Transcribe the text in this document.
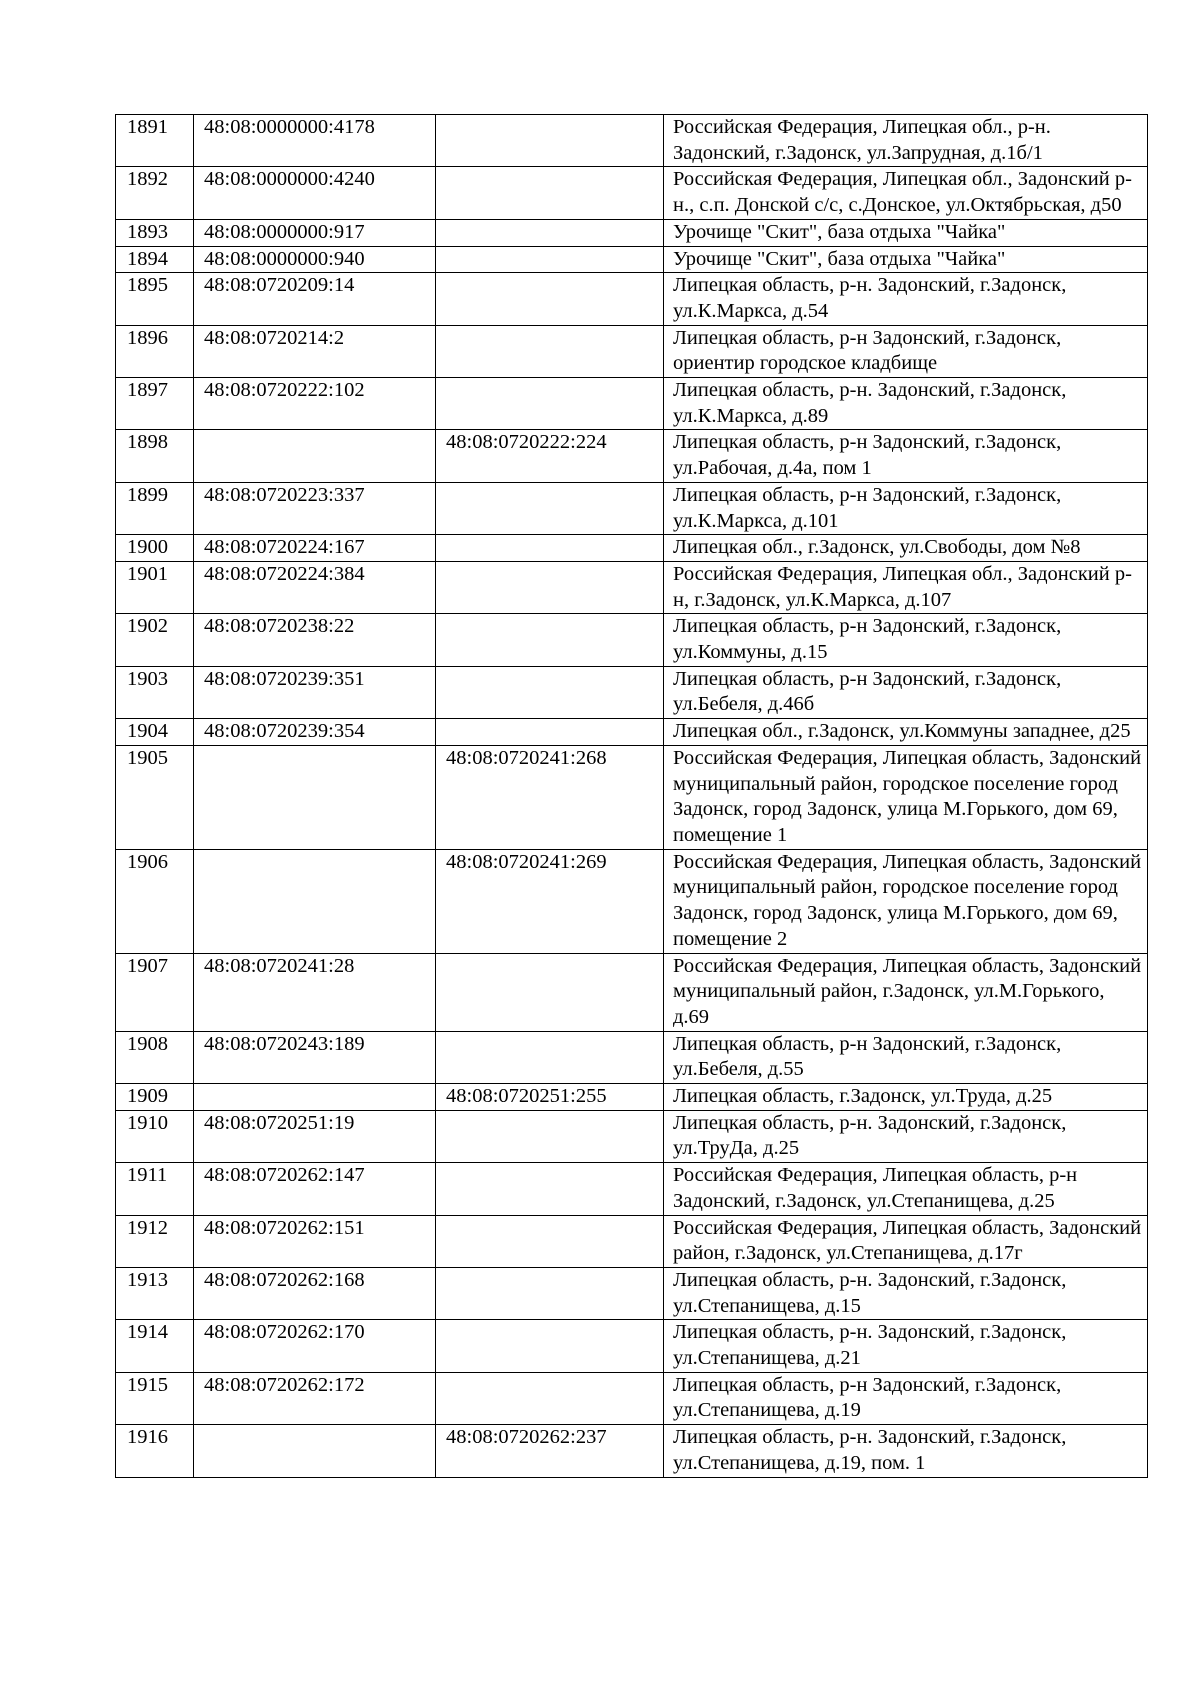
1891	48:08:0000000:4178		Российская Федерация, Липецкая обл., р-н. Задонский, г.Задонск, ул.Запрудная, д.1б/1
1892	48:08:0000000:4240		Российская Федерация, Липецкая обл., Задонский р-н., с.п. Донской с/с, с.Донское, ул.Октябрьская, д50
1893	48:08:0000000:917		Урочище "Скит", база отдыха "Чайка"
1894	48:08:0000000:940		Урочище "Скит", база отдыха "Чайка"
1895	48:08:0720209:14		Липецкая область, р-н. Задонский, г.Задонск, ул.К.Маркса, д.54
1896	48:08:0720214:2		Липецкая область, р-н Задонский, г.Задонск, ориентир городское кладбище
1897	48:08:0720222:102		Липецкая область, р-н. Задонский, г.Задонск, ул.К.Маркса, д.89
1898		48:08:0720222:224	Липецкая область, р-н Задонский, г.Задонск, ул.Рабочая, д.4а, пом 1
1899	48:08:0720223:337		Липецкая область, р-н Задонский, г.Задонск, ул.К.Маркса, д.101
1900	48:08:0720224:167		Липецкая обл., г.Задонск, ул.Свободы, дом №8
1901	48:08:0720224:384		Российская Федерация, Липецкая обл., Задонский р-н, г.Задонск, ул.К.Маркса, д.107
1902	48:08:0720238:22		Липецкая область, р-н Задонский, г.Задонск, ул.Коммуны, д.15
1903	48:08:0720239:351		Липецкая область, р-н Задонский, г.Задонск, ул.Бебеля, д.46б
1904	48:08:0720239:354		Липецкая обл., г.Задонск, ул.Коммуны западнее, д25
1905		48:08:0720241:268	Российская Федерация, Липецкая область, Задонский муниципальный район, городское поселение город Задонск, город Задонск, улица М.Горького, дом 69, помещение 1
1906		48:08:0720241:269	Российская Федерация, Липецкая область, Задонский муниципальный район, городское поселение город Задонск, город Задонск, улица М.Горького, дом 69, помещение 2
1907	48:08:0720241:28		Российская Федерация, Липецкая область, Задонский муниципальный район, г.Задонск, ул.М.Горького, д.69
1908	48:08:0720243:189		Липецкая область, р-н Задонский, г.Задонск, ул.Бебеля, д.55
1909		48:08:0720251:255	Липецкая область, г.Задонск, ул.Труда, д.25
1910	48:08:0720251:19		Липецкая область, р-н. Задонский, г.Задонск, ул.ТруДа, д.25
1911	48:08:0720262:147		Российская Федерация, Липецкая область, р-н Задонский, г.Задонск, ул.Степанищева, д.25
1912	48:08:0720262:151		Российская Федерация, Липецкая область, Задонский район, г.Задонск, ул.Степанищева, д.17г
1913	48:08:0720262:168		Липецкая область, р-н. Задонский, г.Задонск, ул.Степанищева, д.15
1914	48:08:0720262:170		Липецкая область, р-н. Задонский, г.Задонск, ул.Степанищева, д.21
1915	48:08:0720262:172		Липецкая область, р-н Задонский, г.Задонск, ул.Степанищева, д.19
1916		48:08:0720262:237	Липецкая область, р-н. Задонский, г.Задонск, ул.Степанищева, д.19, пом. 1
